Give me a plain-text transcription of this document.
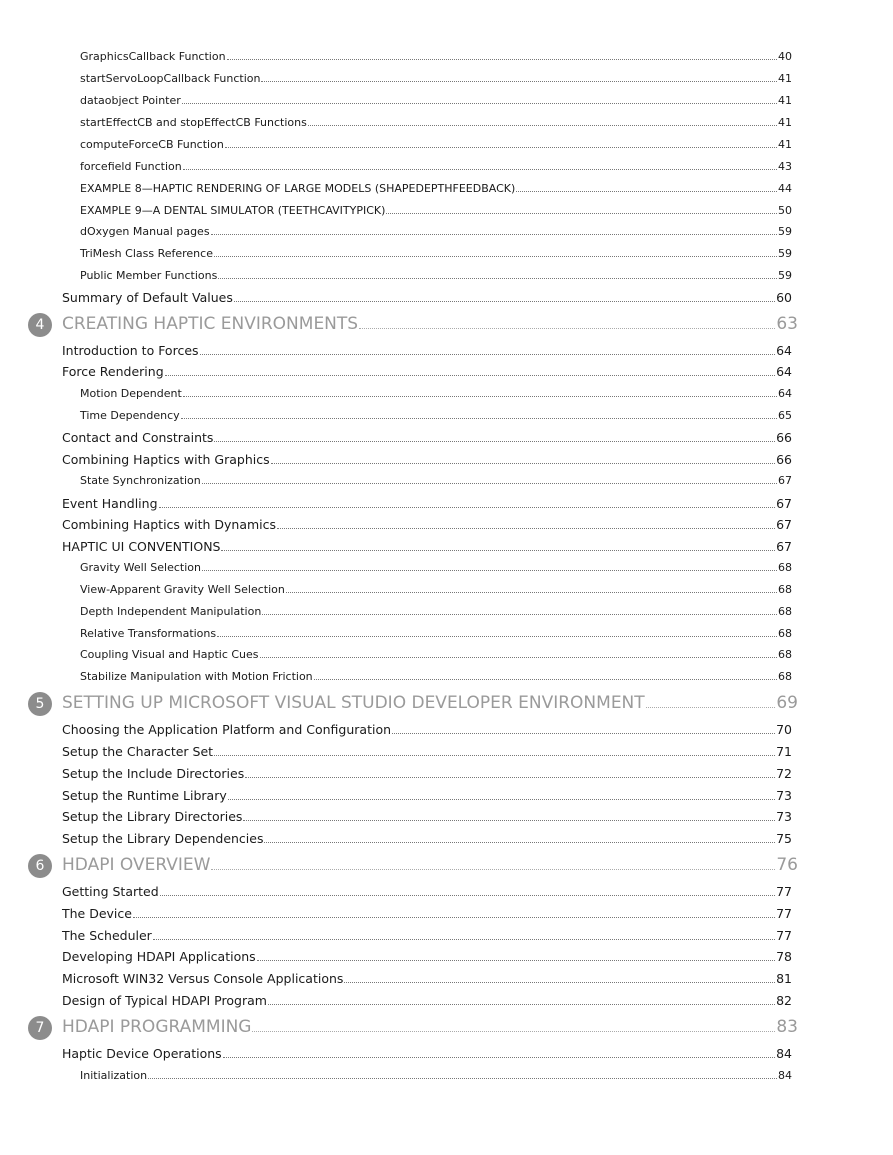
GraphicsCallback Function	40
startServoLoopCallback Function	41
dataobject Pointer	41
startEffectCB and stopEffectCB Functions	41
computeForceCB Function	41
forcefield Function	43
EXAMPLE 8—HAPTIC RENDERING OF LARGE MODELS (SHAPEDEPTHFEEDBACK)	44
EXAMPLE 9—A DENTAL SIMULATOR (TEETHCAVITYPICK)	50
dOxygen Manual pages	59
TriMesh Class Reference	59
Public Member Functions	59
Summary of Default Values	60
4	CREATING HAPTIC ENVIRONMENTS	63
Introduction to Forces	64
Force Rendering	64
Motion Dependent	64
Time Dependency	65
Contact and Constraints	66
Combining Haptics with Graphics	66
State Synchronization	67
Event Handling	67
Combining Haptics with Dynamics	67
HAPTIC UI CONVENTIONS	67
Gravity Well Selection	68
View-Apparent Gravity Well Selection	68
Depth Independent Manipulation	68
Relative Transformations	68
Coupling Visual and Haptic Cues	68
Stabilize Manipulation with Motion Friction	68
5	SETTING UP MICROSOFT VISUAL STUDIO DEVELOPER ENVIRONMENT	69
Choosing the Application Platform and Configuration	70
Setup the Character Set	71
Setup the Include Directories	72
Setup the Runtime Library	73
Setup the Library Directories	73
Setup the Library Dependencies	75
6	HDAPI OVERVIEW	76
Getting Started	77
The Device	77
The Scheduler	77
Developing HDAPI Applications	78
Microsoft WIN32 Versus Console Applications	81
Design of Typical HDAPI Program	82
7	HDAPI PROGRAMMING	83
Haptic Device Operations	84
Initialization	84
